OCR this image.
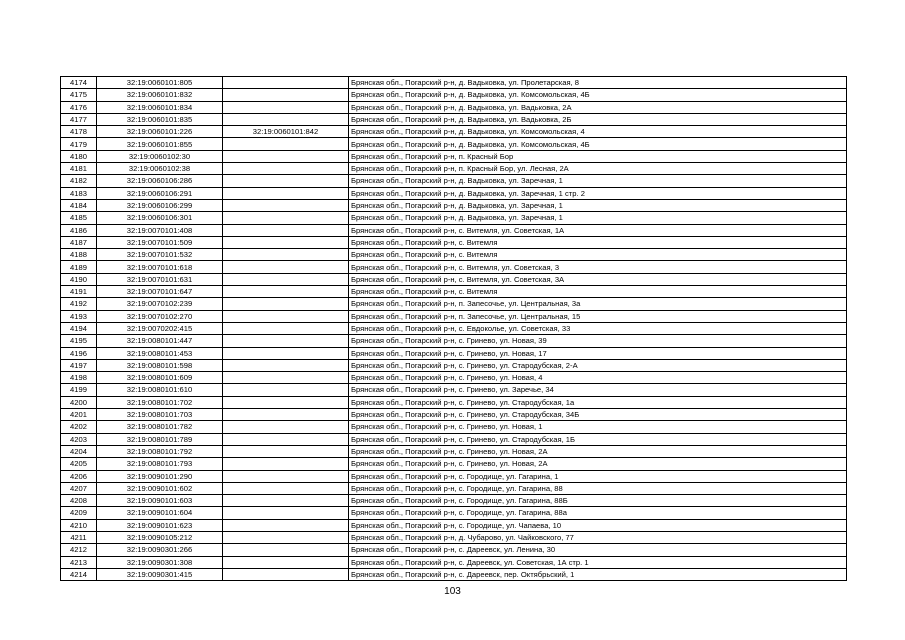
4174	32:19:0060101:805		Брянская обл., Погарский р-н, д. Вадьковка, ул. Пролетарская, 8
4175	32:19:0060101:832		Брянская обл., Погарский р-н, д. Вадьковка, ул. Комсомольская, 4Б
4176	32:19:0060101:834		Брянская обл., Погарский р-н, д. Вадьковка, ул. Вадьковка, 2А
4177	32:19:0060101:835		Брянская обл., Погарский р-н, д. Вадьковка, ул. Вадьковка, 2Б
4178	32:19:0060101:226	32:19:0060101:842	Брянская обл., Погарский р-н, д. Вадьковка, ул. Комсомольская, 4
4179	32:19:0060101:855		Брянская обл., Погарский р-н, д. Вадьковка, ул. Комсомольская, 4Б
4180	32:19:0060102:30		Брянская обл., Погарский р-н, п. Красный Бор
4181	32:19:0060102:38		Брянская обл., Погарский р-н, п. Красный Бор, ул. Лесная, 2А
4182	32:19:0060106:286		Брянская обл., Погарский р-н, д. Вадьковка, ул. Заречная, 1
4183	32:19:0060106:291		Брянская обл., Погарский р-н, д. Вадьковка, ул. Заречная, 1 стр. 2
4184	32:19:0060106:299		Брянская обл., Погарский р-н, д. Вадьковка, ул. Заречная, 1
4185	32:19:0060106:301		Брянская обл., Погарский р-н, д. Вадьковка, ул. Заречная, 1
4186	32:19:0070101:408		Брянская обл., Погарский р-н, с. Витемля, ул. Советская, 1А
4187	32:19:0070101:509		Брянская обл., Погарский р-н, с. Витемля
4188	32:19:0070101:532		Брянская обл., Погарский р-н, с. Витемля
4189	32:19:0070101:618		Брянская обл., Погарский р-н, с. Витемля, ул. Советская, 3
4190	32:19:0070101:631		Брянская обл., Погарский р-н, с. Витемля, ул. Советская, 3А
4191	32:19:0070101:647		Брянская обл., Погарский р-н, с. Витемля
4192	32:19:0070102:239		Брянская обл., Погарский р-н, п. Запесочье, ул. Центральная, 3а
4193	32:19:0070102:270		Брянская обл., Погарский р-н, п. Запесочье, ул. Центральная, 15
4194	32:19:0070202:415		Брянская обл., Погарский р-н, с. Евдоколье, ул. Советская, 33
4195	32:19:0080101:447		Брянская обл., Погарский р-н, с. Гринево, ул. Новая, 39
4196	32:19:0080101:453		Брянская обл., Погарский р-н, с. Гринево, ул. Новая, 17
4197	32:19:0080101:598		Брянская обл., Погарский р-н, с. Гринево, ул. Стародубская, 2-А
4198	32:19:0080101:609		Брянская обл., Погарский р-н, с. Гринево, ул. Новая, 4
4199	32:19:0080101:610		Брянская обл., Погарский р-н, с. Гринево, ул. Заречье, 34
4200	32:19:0080101:702		Брянская обл., Погарский р-н, с. Гринево, ул. Стародубская, 1а
4201	32:19:0080101:703		Брянская обл., Погарский р-н, с. Гринево, ул. Стародубская, 34Б
4202	32:19:0080101:782		Брянская обл., Погарский р-н, с. Гринево, ул. Новая, 1
4203	32:19:0080101:789		Брянская обл., Погарский р-н, с. Гринево, ул. Стародубская, 1Б
4204	32:19:0080101:792		Брянская обл., Погарский р-н, с. Гринево, ул. Новая, 2А
4205	32:19:0080101:793		Брянская обл., Погарский р-н, с. Гринево, ул. Новая, 2А
4206	32:19:0090101:290		Брянская обл., Погарский р-н, с. Городище, ул. Гагарина, 1
4207	32:19:0090101:602		Брянская обл., Погарский р-н, с. Городище, ул. Гагарина, 88
4208	32:19:0090101:603		Брянская обл., Погарский р-н, с. Городище, ул. Гагарина, 88Б
4209	32:19:0090101:604		Брянская обл., Погарский р-н, с. Городище, ул. Гагарина, 88а
4210	32:19:0090101:623		Брянская обл., Погарский р-н, с. Городище, ул. Чапаева, 10
4211	32:19:0090105:212		Брянская обл., Погарский р-н, д. Чубарово, ул. Чайковского, 77
4212	32:19:0090301:266		Брянская обл., Погарский р-н, с. Дареевск, ул. Ленина, 30
4213	32:19:0090301:308		Брянская обл., Погарский р-н, с. Дареевск, ул. Советская, 1А стр. 1
4214	32:19:0090301:415		Брянская обл., Погарский р-н, с. Дареевск, пер. Октябрьский, 1
103
